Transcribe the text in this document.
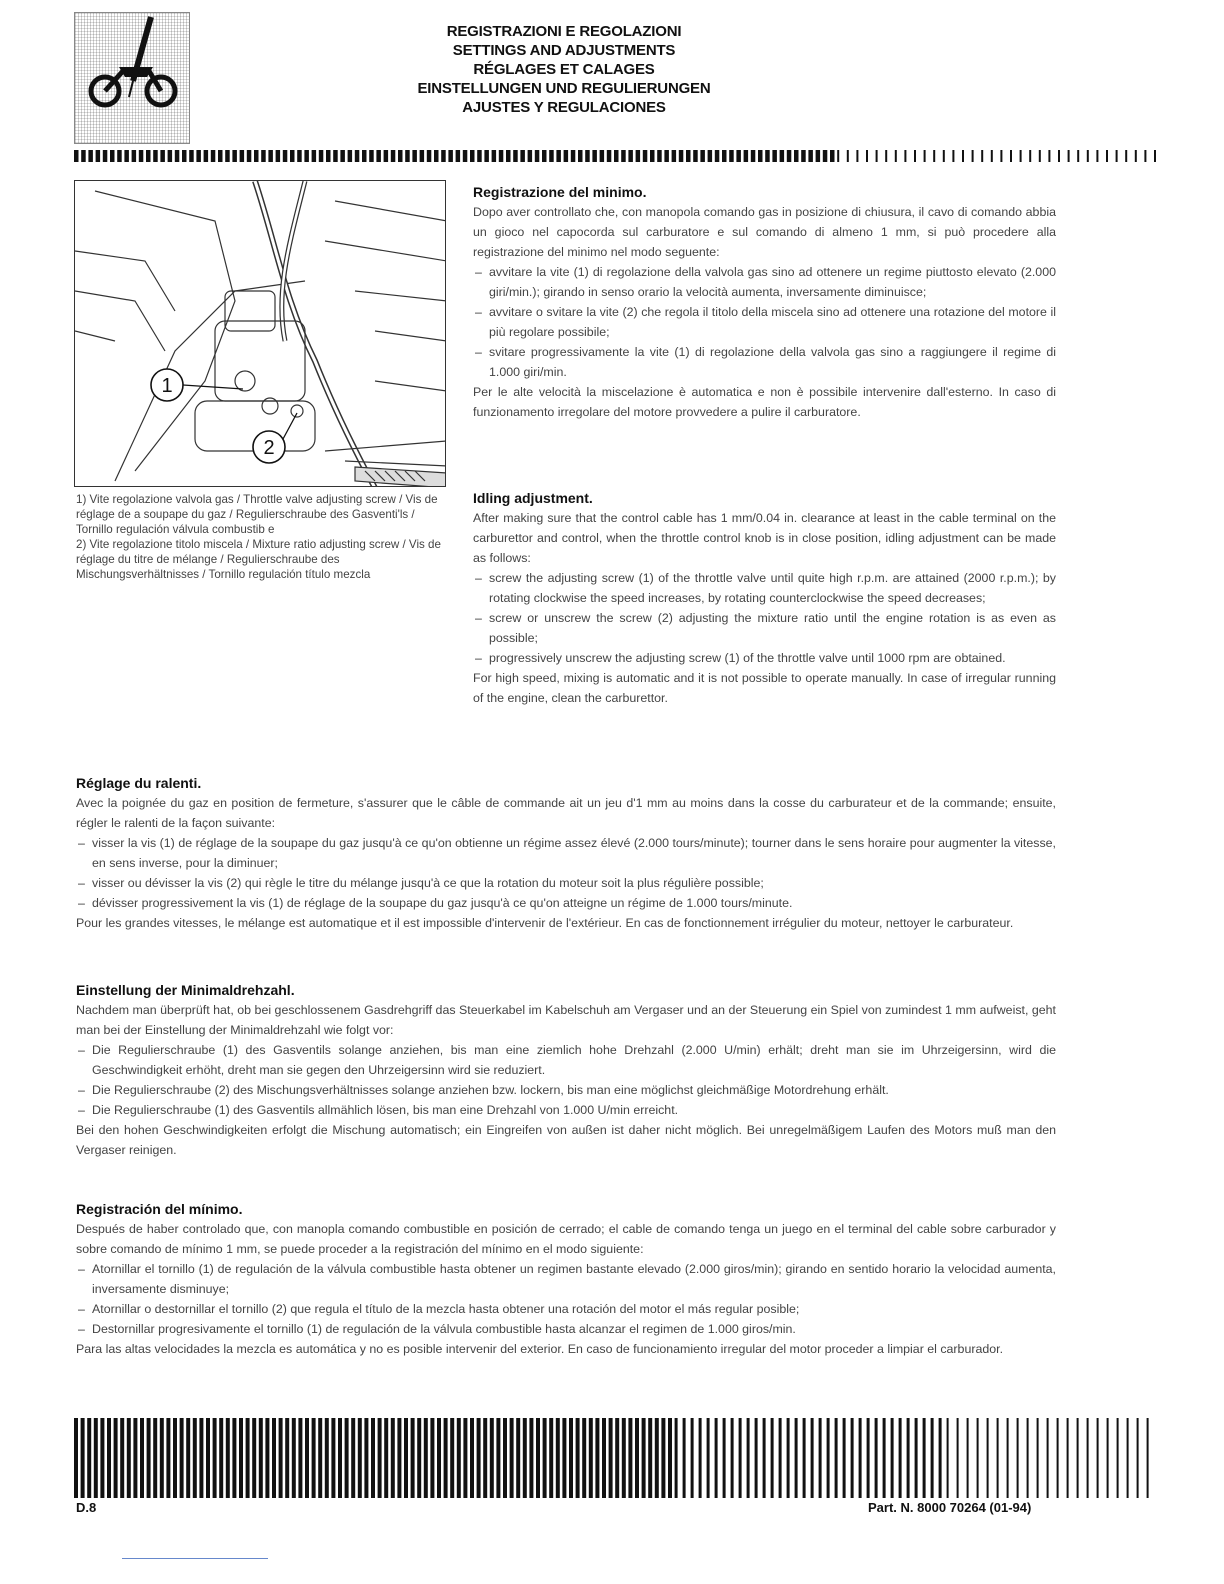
REGISTRAZIONI E REGOLAZIONI
SETTINGS AND ADJUSTMENTS
RÉGLAGES ET CALAGES
EINSTELLUNGEN UND REGULIERUNGEN
AJUSTES Y REGULACIONES
1
2

1) Vite regolazione valvola gas / Throttle valve adjusting screw / Vis de réglage de a soupape du gaz / Regulierschraube des Gasventi'ls / Tornillo regulación válvula combustib e

2) Vite regolazione titolo miscela / Mixture ratio adjusting screw / Vis de réglage du titre de mélange / Regulierschraube des Mischungsverhältnisses / Tornillo regulación título mezcla

Registrazione del minimo.

Dopo aver controllato che, con manopola comando gas in posizione di chiusura, il cavo di comando abbia un gioco nel capocorda sul carburatore e sul comando di almeno 1 mm, si può procedere alla registrazione del minimo nel modo seguente:

– avvitare la vite (1) di regolazione della valvola gas sino ad ottenere un regime piuttosto elevato (2.000 giri/min.); girando in senso orario la velocità aumenta, inversamente diminuisce;
– avvitare o svitare la vite (2) che regola il titolo della miscela sino ad ottenere una rotazione del motore il più regolare possibile;
– svitare progressivamente la vite (1) di regolazione della valvola gas sino a raggiungere il regime di 1.000 giri/min.

Per le alte velocità la miscelazione è automatica e non è possibile intervenire dall'esterno. In caso di funzionamento irregolare del motore provvedere a pulire il carburatore.

Idling adjustment.

After making sure that the control cable has 1 mm/0.04 in. clearance at least in the cable terminal on the carburettor and control, when the throttle control knob is in close position, idling adjustment can be made as follows:

– screw the adjusting screw (1) of the throttle valve until quite high r.p.m. are attained (2000 r.p.m.); by rotating clockwise the speed increases, by rotating counterclockwise the speed decreases;
– screw or unscrew the screw (2) adjusting the mixture ratio until the engine rotation is as even as possible;
– progressively unscrew the adjusting screw (1) of the throttle valve until 1000 rpm are obtained.

For high speed, mixing is automatic and it is not possible to operate manually. In case of irregular running of the engine, clean the carburettor.

Réglage du ralenti.

Avec la poignée du gaz en position de fermeture, s'assurer que le câble de commande ait un jeu d'1 mm au moins dans la cosse du carburateur et de la commande; ensuite, régler le ralenti de la façon suivante:

– visser la vis (1) de réglage de la soupape du gaz jusqu'à ce qu'on obtienne un régime assez élevé (2.000 tours/minute); tourner dans le sens horaire pour augmenter la vitesse, en sens inverse, pour la diminuer;
– visser ou dévisser la vis (2) qui règle le titre du mélange jusqu'à ce que la rotation du moteur soit la plus régulière possible;
– dévisser progressivement la vis (1) de réglage de la soupape du gaz jusqu'à ce qu'on atteigne un régime de 1.000 tours/minute.

Pour les grandes vitesses, le mélange est automatique et il est impossible d'intervenir de l'extérieur. En cas de fonctionnement irrégulier du moteur, nettoyer le carburateur.

Einstellung der Minimaldrehzahl.

Nachdem man überprüft hat, ob bei geschlossenem Gasdrehgriff das Steuerkabel im Kabelschuh am Vergaser und an der Steuerung ein Spiel von zumindest 1 mm aufweist, geht man bei der Einstellung der Minimaldrehzahl wie folgt vor:

– Die Regulierschraube (1) des Gasventils solange anziehen, bis man eine ziemlich hohe Drehzahl (2.000 U/min) erhält; dreht man sie im Uhrzeigersinn, wird die Geschwindigkeit erhöht, dreht man sie gegen den Uhrzeigersinn wird sie reduziert.
– Die Regulierschraube (2) des Mischungsverhältnisses solange anziehen bzw. lockern, bis man eine möglichst gleichmäßige Motordrehung erhält.
– Die Regulierschraube (1) des Gasventils allmählich lösen, bis man eine Drehzahl von 1.000 U/min erreicht.

Bei den hohen Geschwindigkeiten erfolgt die Mischung automatisch; ein Eingreifen von außen ist daher nicht möglich. Bei unregelmäßigem Laufen des Motors muß man den Vergaser reinigen.

Registración del mínimo.

Después de haber controlado que, con manopla comando combustible en posición de cerrado; el cable de comando tenga un juego en el terminal del cable sobre carburador y sobre comando de mínimo 1 mm, se puede proceder a la registración del mínimo en el modo siguiente:

– Atornillar el tornillo (1) de regulación de la válvula combustible hasta obtener un regimen bastante elevado (2.000 giros/min); girando en sentido horario la velocidad aumenta, inversamente disminuye;
– Atornillar o destornillar el tornillo (2) que regula el título de la mezcla hasta obtener una rotación del motor el más regular posible;
– Destornillar progresivamente el tornillo (1) de regulación de la válvula combustible hasta alcanzar el regimen de 1.000 giros/min.

Para las altas velocidades la mezcla es automática y no es posible intervenir del exterior. En caso de funcionamiento irregular del motor proceder a limpiar el carburador.

D.8	Part. N. 8000 70264 (01-94)
